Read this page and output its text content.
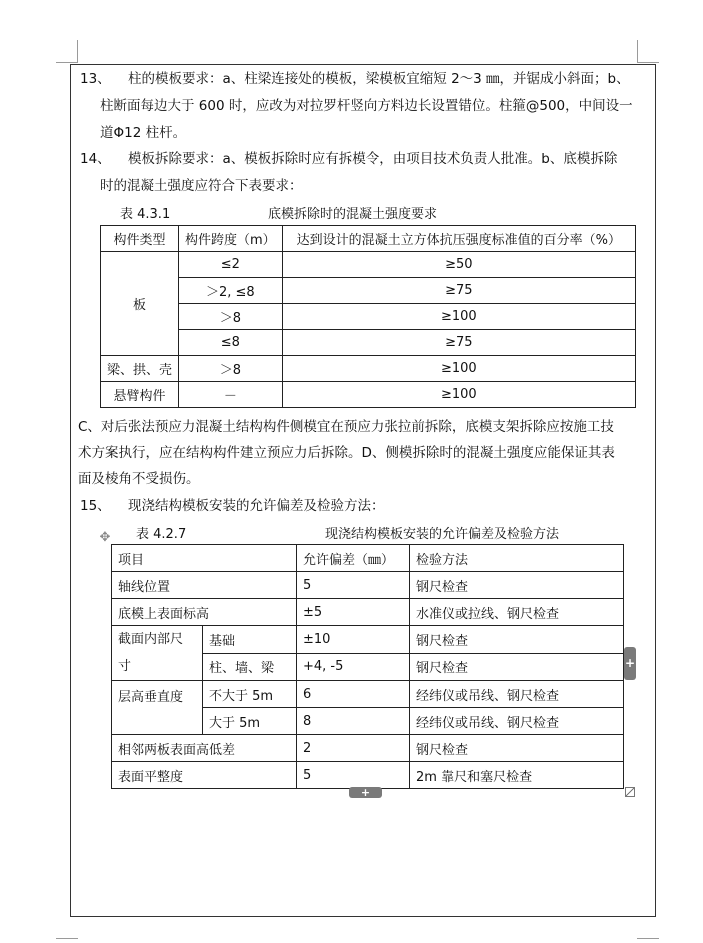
13、 柱的模板要求：a、柱梁连接处的模板，梁模板宜缩短 2～3 ㎜，并锯成小斜面；b、
柱断面每边大于 600 时，应改为对拉罗杆竖向方料边长设置错位。柱箍@500，中间设一
道Φ12 柱杆。
14、 模板拆除要求：a、模板拆除时应有拆模令，由项目技术负责人批准。b、底模拆除
时的混凝土强度应符合下表要求：
表 4.3.1	底模拆除时的混凝土强度要求
构件类型	构件跨度（m）	达到设计的混凝土立方体抗压强度标准值的百分率（%）
板	≤2	≥50
	＞2, ≤8	≥75
	＞8	≥100
	≤8	≥75
梁、拱、壳	＞8	≥100
悬臂构件	－	≥100
C、对后张法预应力混凝土结构构件侧模宜在预应力张拉前拆除，底模支架拆除应按施工技
术方案执行，应在结构构件建立预应力后拆除。D、侧模拆除时的混凝土强度应能保证其表
面及棱角不受损伤。
15、 现浇结构模板安装的允许偏差及检验方法：
表 4.2.7	现浇结构模板安装的允许偏差及检验方法
✥
项目		允许偏差（㎜）	检验方法
轴线位置		5	钢尺检查
底模上表面标高		±5	水准仪或拉线、钢尺检查

截面内部尺
寸	基础	±10	钢尺检查
	柱、墙、梁	+4, -5	钢尺检查
层高垂直度	不大于 5m	6	经纬仪或吊线、钢尺检查
	大于 5m	8	经纬仪或吊线、钢尺检查
相邻两板表面高低差		2	钢尺检查
表面平整度		5	2m 靠尺和塞尺检查
+
+
